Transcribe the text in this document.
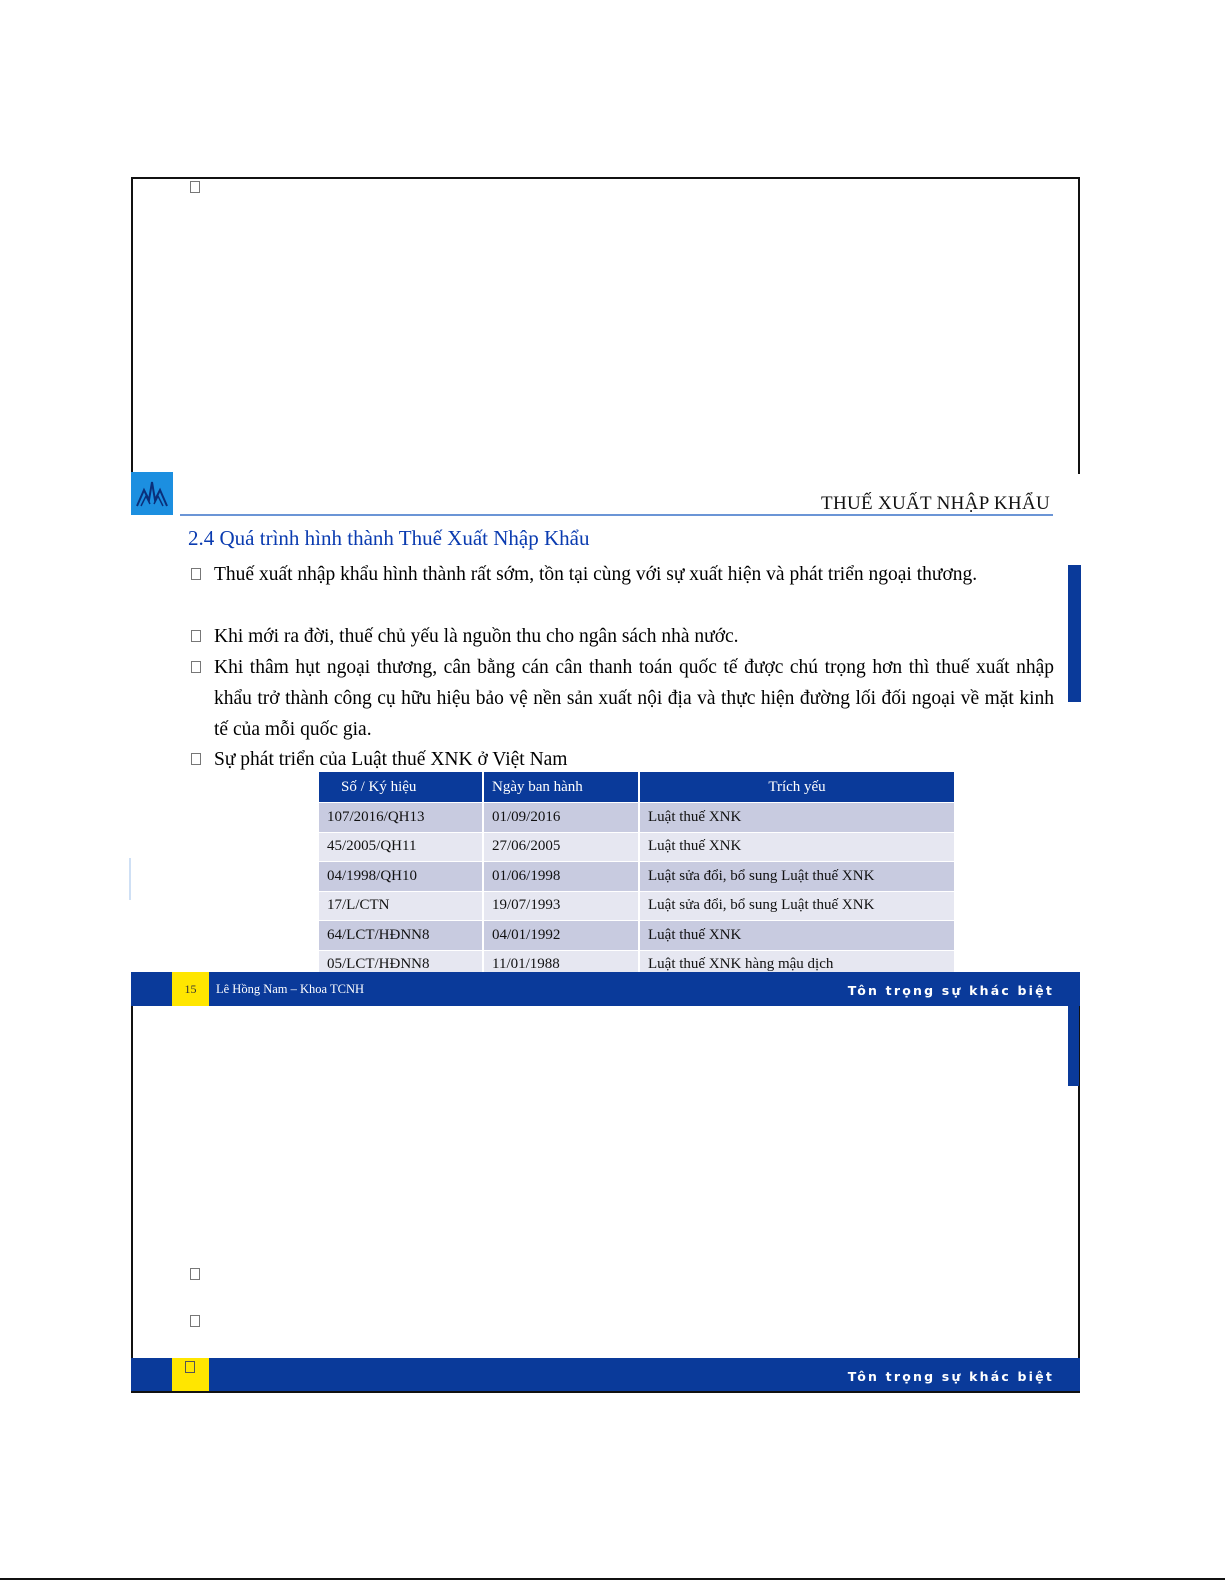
THUẾ XUẤT NHẬP KHẨU
2.4 Quá trình hình thành Thuế Xuất Nhập Khẩu
Thuế xuất nhập khẩu hình thành rất sớm, tồn tại cùng với sự xuất hiện và phát triển ngoại thương.
Khi mới ra đời, thuế chủ yếu là nguồn thu cho ngân sách nhà nước.
Khi thâm hụt ngoại thương, cân bằng cán cân thanh toán quốc tế được chú trọng hơn thì thuế xuất nhập khẩu trở thành công cụ hữu hiệu bảo vệ nền sản xuất nội địa và thực hiện đường lối đối ngoại về mặt kinh tế của mỗi quốc gia.
Sự phát triển của Luật thuế XNK ở Việt Nam
Số / Ký hiệu	Ngày ban hành	Trích yếu
107/2016/QH13	01/09/2016	Luật thuế XNK
45/2005/QH11	27/06/2005	Luật thuế XNK
04/1998/QH10	01/06/1998	Luật sửa đổi, bổ sung Luật thuế XNK
17/L/CTN	19/07/1993	Luật sửa đổi, bổ sung Luật thuế XNK
64/LCT/HĐNN8	04/01/1992	Luật thuế XNK
05/LCT/HĐNN8	11/01/1988	Luật thuế XNK hàng mậu dịch
15	Lê Hồng Nam – Khoa TCNH	Tôn trọng sự khác biệt
Tôn trọng sự khác biệt
